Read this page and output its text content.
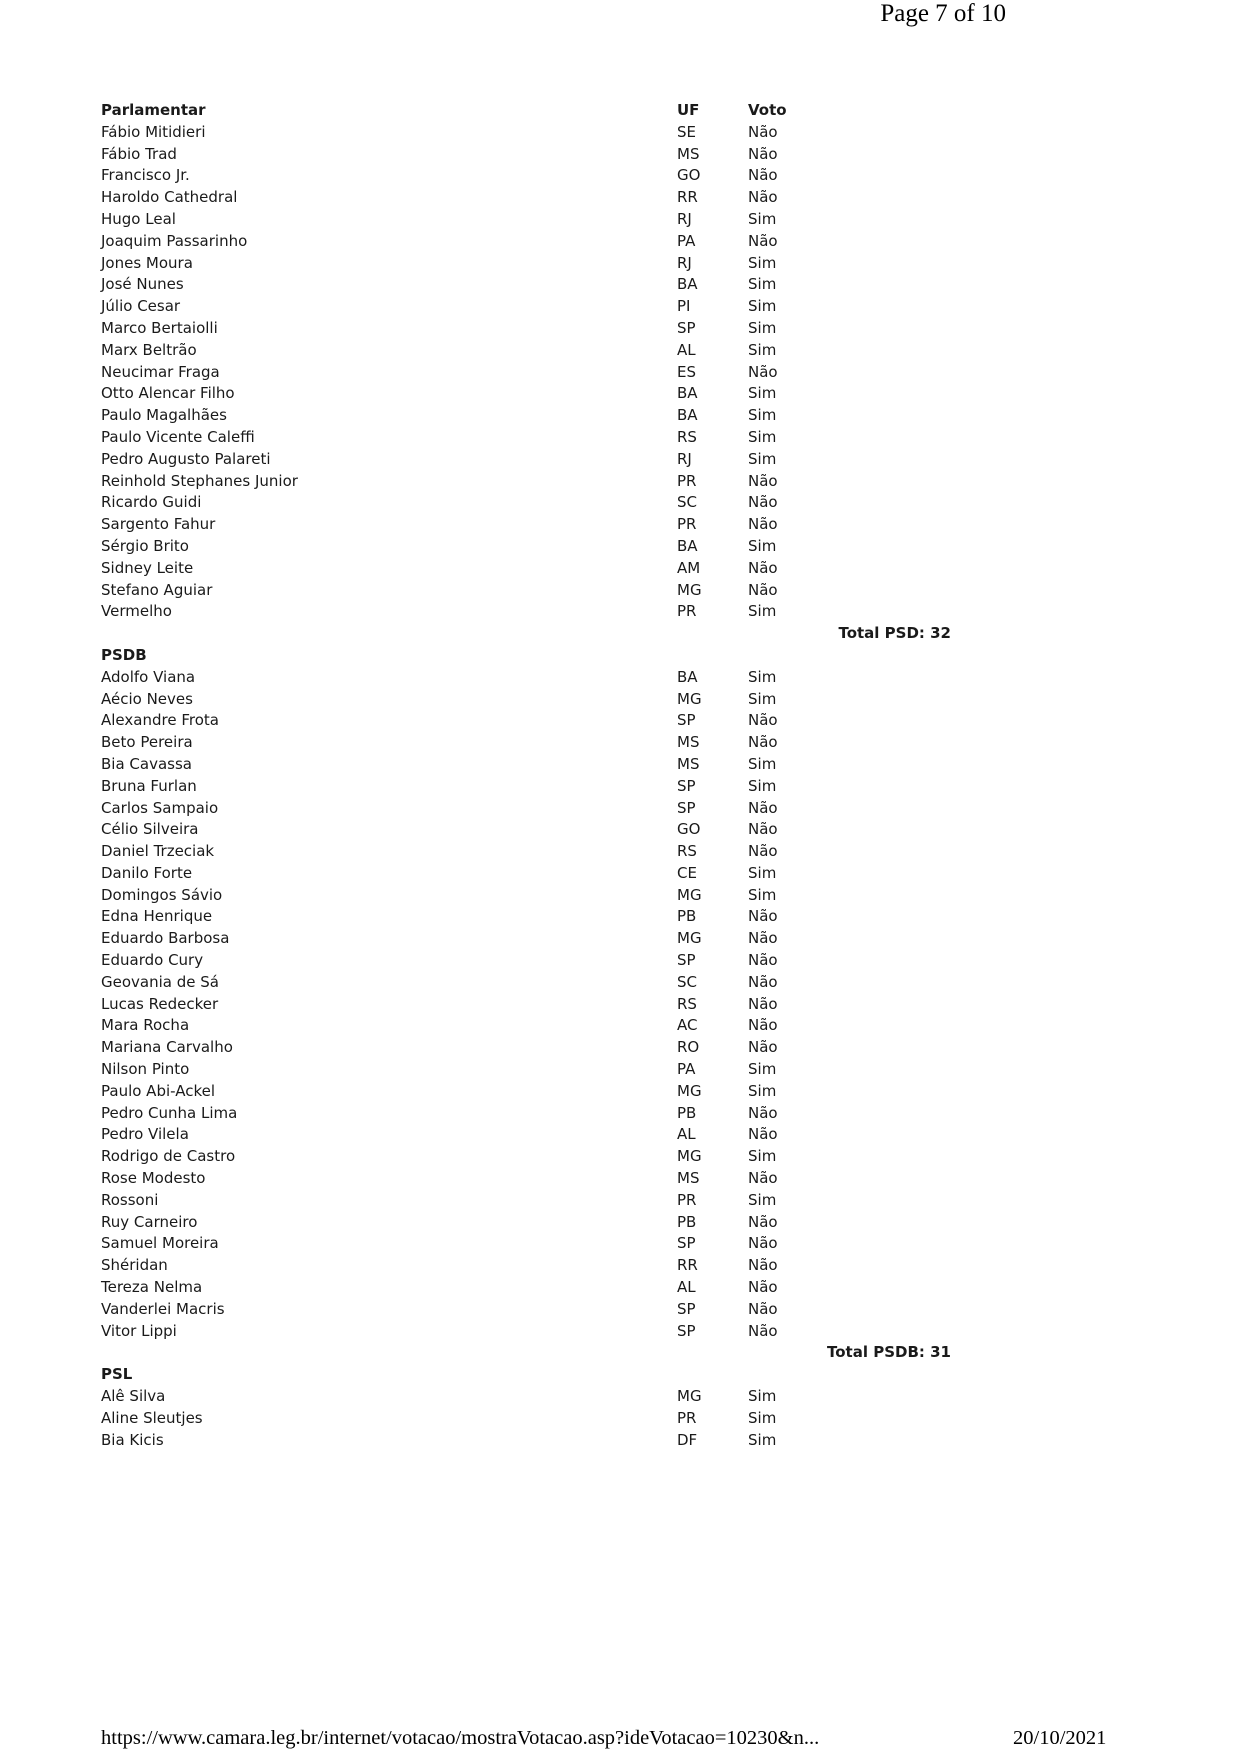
Page 7 of 10
Parlamentar	UF	Voto
Fábio Mitidieri	SE	Não
Fábio Trad	MS	Não
Francisco Jr.	GO	Não
Haroldo Cathedral	RR	Não
Hugo Leal	RJ	Sim
Joaquim Passarinho	PA	Não
Jones Moura	RJ	Sim
José Nunes	BA	Sim
Júlio Cesar	PI	Sim
Marco Bertaiolli	SP	Sim
Marx Beltrão	AL	Sim
Neucimar Fraga	ES	Não
Otto Alencar Filho	BA	Sim
Paulo Magalhães	BA	Sim
Paulo Vicente Caleffi	RS	Sim
Pedro Augusto Palareti	RJ	Sim
Reinhold Stephanes Junior	PR	Não
Ricardo Guidi	SC	Não
Sargento Fahur	PR	Não
Sérgio Brito	BA	Sim
Sidney Leite	AM	Não
Stefano Aguiar	MG	Não
Vermelho	PR	Sim
Total PSD: 32
PSDB
Adolfo Viana	BA	Sim
Aécio Neves	MG	Sim
Alexandre Frota	SP	Não
Beto Pereira	MS	Não
Bia Cavassa	MS	Sim
Bruna Furlan	SP	Sim
Carlos Sampaio	SP	Não
Célio Silveira	GO	Não
Daniel Trzeciak	RS	Não
Danilo Forte	CE	Sim
Domingos Sávio	MG	Sim
Edna Henrique	PB	Não
Eduardo Barbosa	MG	Não
Eduardo Cury	SP	Não
Geovania de Sá	SC	Não
Lucas Redecker	RS	Não
Mara Rocha	AC	Não
Mariana Carvalho	RO	Não
Nilson Pinto	PA	Sim
Paulo Abi-Ackel	MG	Sim
Pedro Cunha Lima	PB	Não
Pedro Vilela	AL	Não
Rodrigo de Castro	MG	Sim
Rose Modesto	MS	Não
Rossoni	PR	Sim
Ruy Carneiro	PB	Não
Samuel Moreira	SP	Não
Shéridan	RR	Não
Tereza Nelma	AL	Não
Vanderlei Macris	SP	Não
Vitor Lippi	SP	Não
Total PSDB: 31
PSL
Alê Silva	MG	Sim
Aline Sleutjes	PR	Sim
Bia Kicis	DF	Sim
https://www.camara.leg.br/internet/votacao/mostraVotacao.asp?ideVotacao=10230&n...	20/10/2021
